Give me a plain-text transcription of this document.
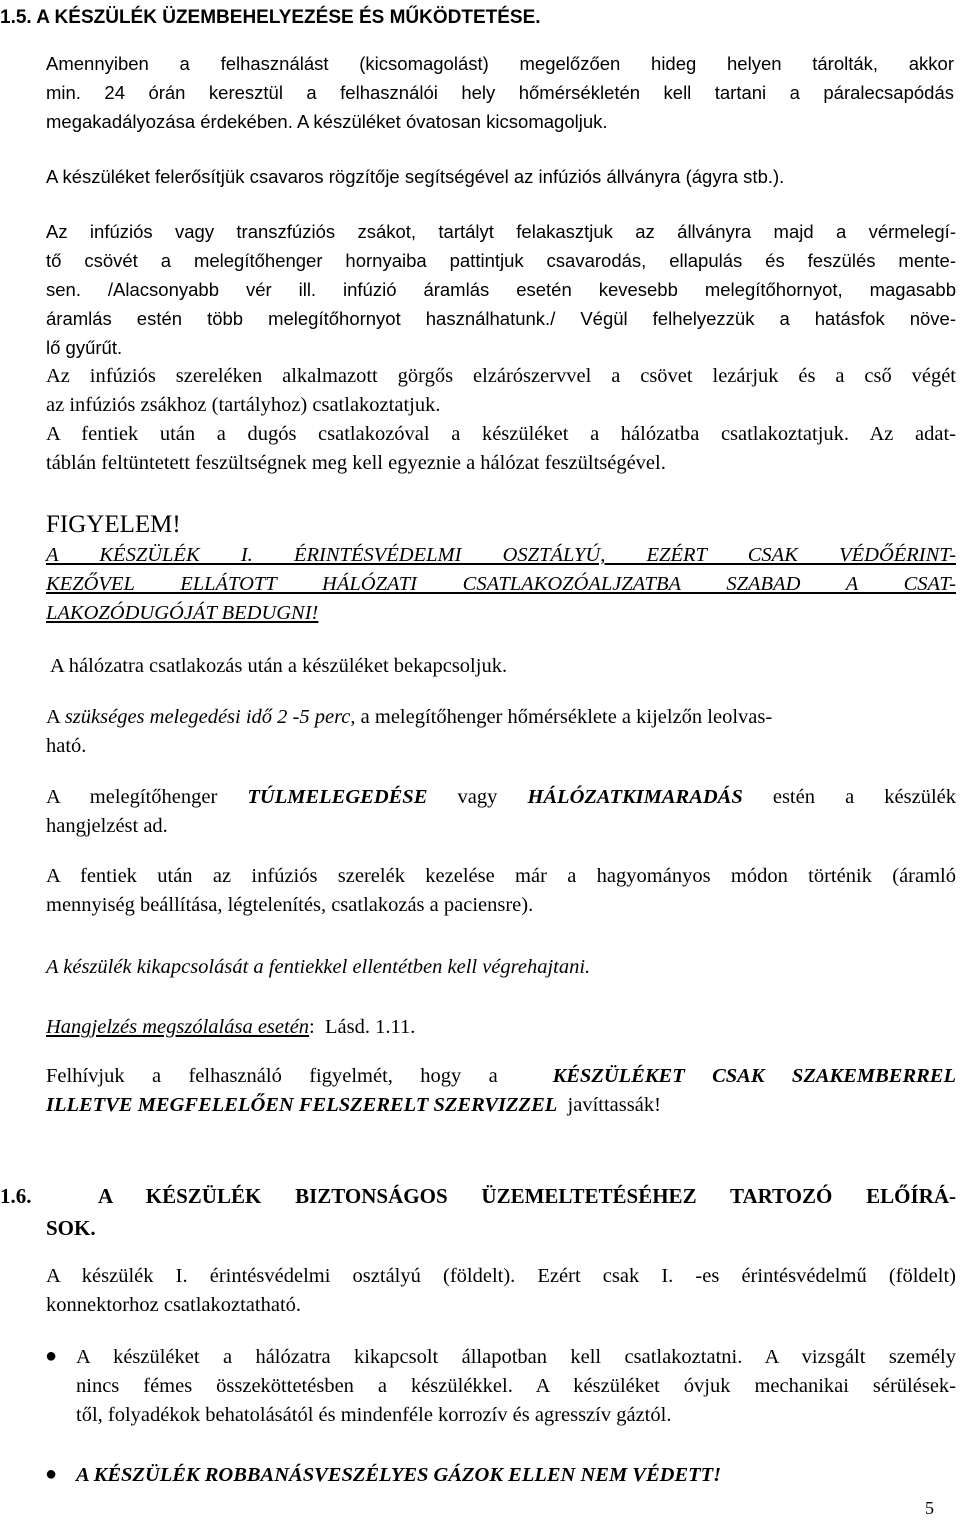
1.5. A KÉSZÜLÉK ÜZEMBEHELYEZÉSE ÉS MŰKÖDTETÉSE.
Amennyiben a felhasználást (kicsomagolást) megelőzően hideg helyen tárolták, akkor
min. 24 órán keresztül a felhasználói hely hőmérsékletén kell tartani a páralecsapódás
megakadályozása érdekében. A készüléket óvatosan kicsomagoljuk.
A készüléket felerősítjük csavaros rögzítője segítségével az infúziós állványra (ágyra stb.).
Az infúziós vagy transzfúziós zsákot, tartályt felakasztjuk az állványra majd a vérmelegí-
tő csövét a melegítőhenger hornyaiba pattintjuk csavarodás, ellapulás és feszülés mente-
sen. /Alacsonyabb vér ill. infúzió áramlás esetén kevesebb melegítőhornyot, magasabb
áramlás estén több melegítőhornyot használhatunk./ Végül felhelyezzük a hatásfok növe-
lő gyűrűt.
Az infúziós szereléken alkalmazott görgős elzárószervvel a csövet lezárjuk és a cső végét
az infúziós zsákhoz (tartályhoz) csatlakoztatjuk.
A fentiek után a dugós csatlakozóval a készüléket a hálózatba csatlakoztatjuk. Az adat-
táblán feltüntetett feszültségnek meg kell egyeznie a hálózat feszültségével.
FIGYELEM!
A KÉSZÜLÉK I. ÉRINTÉSVÉDELMI OSZTÁLYÚ, EZÉRT CSAK VÉDŐÉRINT-
KEZŐVEL ELLÁTOTT HÁLÓZATI CSATLAKOZÓALJZATBA SZABAD A CSAT-
LAKOZÓDUGÓJÁT BEDUGNI!
A hálózatra csatlakozás után a készüléket bekapcsoljuk.
A szükséges melegedési idő 2 -5 perc, a melegítőhenger hőmérséklete a kijelzőn leolvas-
ható.
A melegítőhenger TÚLMELEGEDÉSE vagy HÁLÓZATKIMARADÁS estén a készülék
hangjelzést ad.
A fentiek után az infúziós szerelék kezelése már a hagyományos módon történik (áramló
mennyiség beállítása, légtelenítés, csatlakozás a paciensre).
A készülék kikapcsolását a fentiekkel ellentétben kell végrehajtani.
Hangjelzés megszólalása esetén:  Lásd. 1.11.
Felhívjuk a felhasználó figyelmét, hogy a  KÉSZÜLÉKET CSAK SZAKEMBERREL
ILLETVE MEGFELELŐEN FELSZERELT SZERVIZZEL  javíttassák!
1.6.  A KÉSZÜLÉK BIZTONSÁGOS ÜZEMELTETÉSÉHEZ TARTOZÓ ELŐÍRÁ-
SOK.
A készülék I. érintésvédelmi osztályú (földelt). Ezért csak I. -es érintésvédelmű (földelt)
konnektorhoz csatlakoztatható.
● A készüléket a hálózatra kikapcsolt állapotban kell csatlakoztatni. A vizsgált személy
nincs fémes összeköttetésben a készülékkel. A készüléket óvjuk mechanikai sérülések-
től, folyadékok behatolásától és mindenféle korrozív és agresszív gáztól.
● A KÉSZÜLÉK ROBBANÁSVESZÉLYES GÁZOK ELLEN NEM VÉDETT!
5
